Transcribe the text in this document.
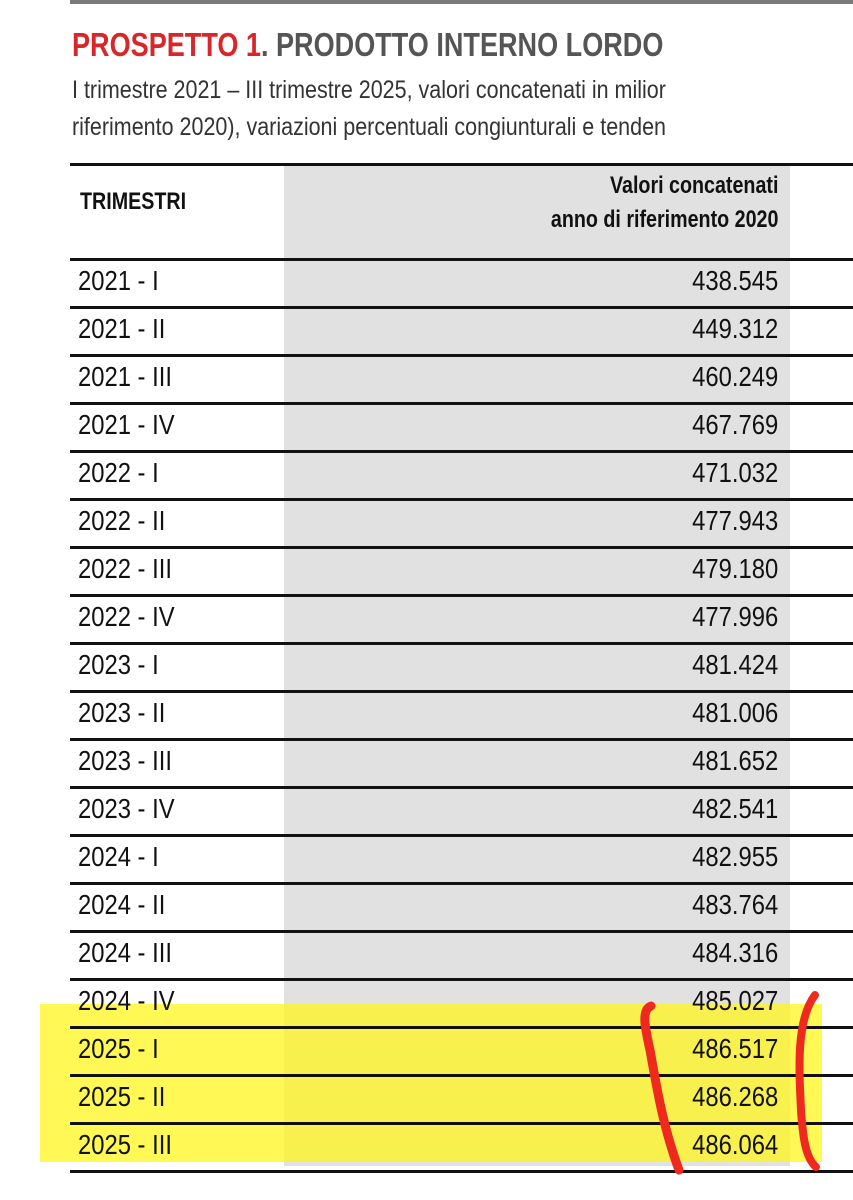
PROSPETTO 1. PRODOTTO INTERNO LORDO
I trimestre 2021 – III trimestre 2025, valori concatenati in milior
riferimento 2020), variazioni percentuali congiunturali e tenden
TRIMESTRI
Valori concatenati
anno di riferimento 2020
2021 - I	438.545
2021 - II	449.312
2021 - III	460.249
2021 - IV	467.769
2022 - I	471.032
2022 - II	477.943
2022 - III	479.180
2022 - IV	477.996
2023 - I	481.424
2023 - II	481.006
2023 - III	481.652
2023 - IV	482.541
2024 - I	482.955
2024 - II	483.764
2024 - III	484.316
2024 - IV	485.027
2025 - I	486.517
2025 - II	486.268
2025 - III	486.064
